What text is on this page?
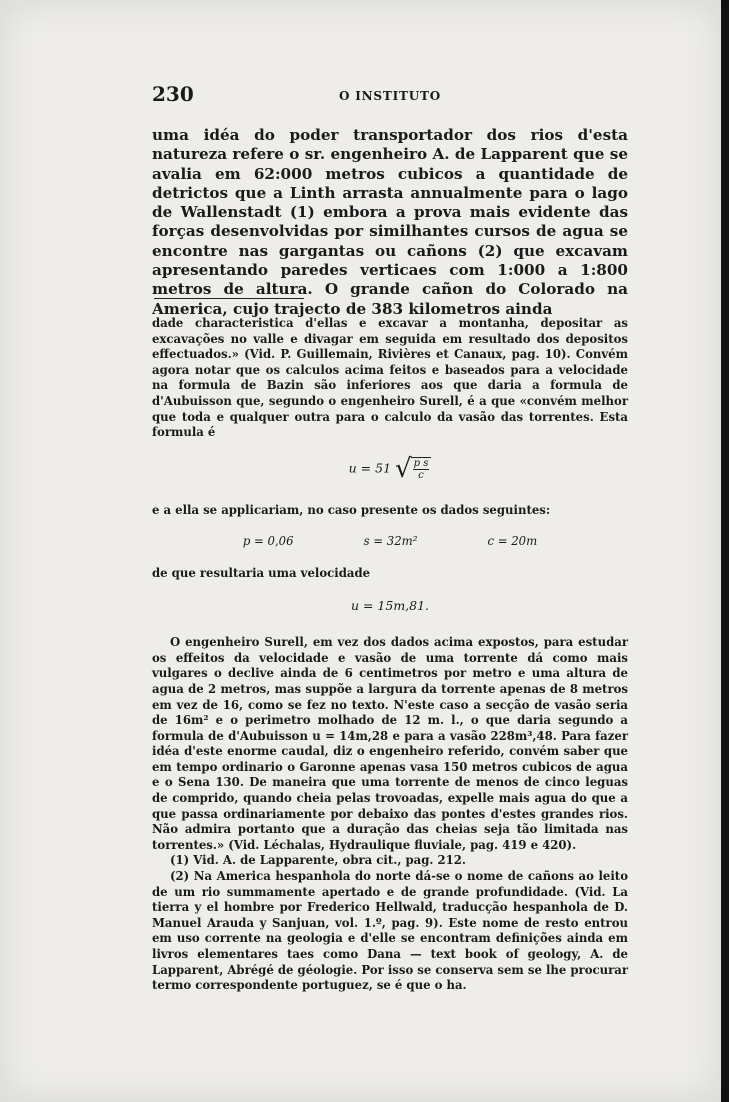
230	O INSTITUTO

uma idéa do poder transportador dos rios d'esta natureza refere o sr. engenheiro A. de Lapparent que se avalia em 62:000 metros cubicos a quantidade de detrictos que a Linth arrasta annualmente para o lago de Wallenstadt (1) embora a prova mais evidente das forças desenvolvidas por similhantes cursos de agua se encontre nas gargantas ou cañons (2) que excavam apresentando paredes verticaes com 1:000 a 1:800 metros de altura. O grande cañon do Colorado na America, cujo trajecto de 383 kilometros ainda

dade characteristica d'ellas e excavar a montanha, depositar as excavações no valle e divagar em seguida em resultado dos depositos effectuados.» (Vid. P. Guillemain, Rivières et Canaux, pag. 10). Convém agora notar que os calculos acima feitos e baseados para a velocidade na formula de Bazin são inferiores aos que daria a formula de d'Aubuisson que, segundo o engenheiro Surell, é a que «convém melhor que toda e qualquer outra para o calculo da vasão das torrentes. Esta formula é

u = 51 √ $\frac{\text{p s}}{c}$

e a ella se applicariam, no caso presente os dados seguintes:

p = 0,06	s = 32m²	c = 20m

de que resultaria uma velocidade

u = 15m,81.

O engenheiro Surell, em vez dos dados acima expostos, para estudar os effeitos da velocidade e vasão de uma torrente dá como mais vulgares o declive ainda de 6 centimetros por metro e uma altura de agua de 2 metros, mas suppõe a largura da torrente apenas de 8 metros em vez de 16, como se fez no texto. N'este caso a secção de vasão seria de 16m² e o perimetro molhado de 12 m. l., o que daria segundo a formula de d'Aubuisson u = 14m,28 e para a vasão 228m³,48. Para fazer idéa d'este enorme caudal, diz o engenheiro referido, convém saber que em tempo ordinario o Garonne apenas vasa 150 metros cubicos de agua e o Sena 130. De maneira que uma torrente de menos de cinco leguas de comprido, quando cheia pelas trovoadas, expelle mais agua do que a que passa ordinariamente por debaixo das pontes d'estes grandes rios. Não admira portanto que a duração das cheias seja tão limitada nas torrentes.» (Vid. Léchalas, Hydraulique fluviale, pag. 419 e 420).

(1) Vid. A. de Lapparente, obra cit., pag. 212.

(2) Na America hespanhola do norte dá-se o nome de cañons ao leito de um rio summamente apertado e de grande profundidade. (Vid. La tierra y el hombre por Frederico Hellwald, traducção hespanhola de D. Manuel Arauda y Sanjuan, vol. 1.º, pag. 9). Este nome de resto entrou em uso corrente na geologia e d'elle se encontram definições ainda em livros elementares taes como Dana — text book of geology, A. de Lapparent, Abrégé de géologie. Por isso se conserva sem se lhe procurar termo correspondente portuguez, se é que o ha.
